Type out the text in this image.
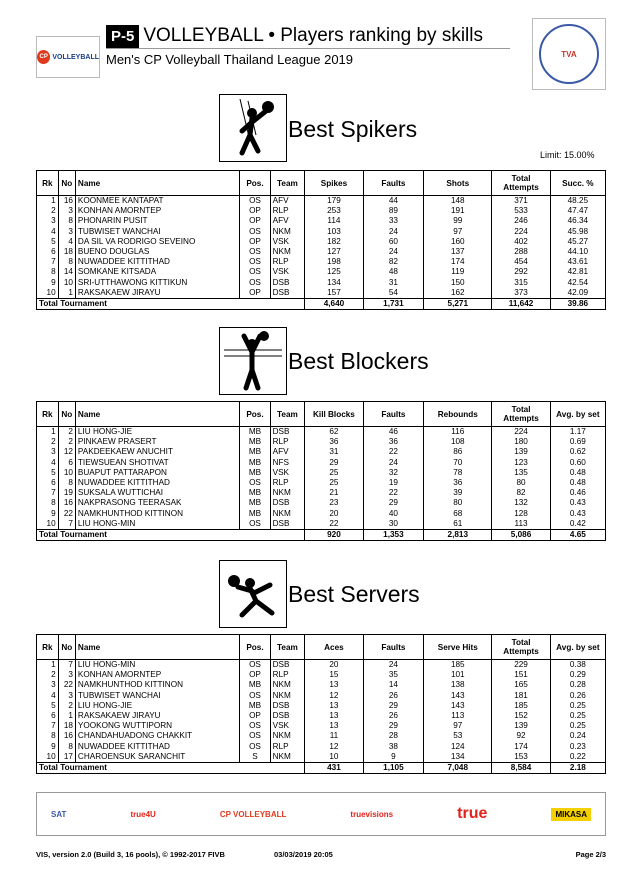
CP VOLLEYBALL
P-5 VOLLEYBALL • Players ranking by skills
Men's CP Volleyball Thailand League 2019	TVA
Best Spikers
Limit: 15.00%
Rk	No	Name	Pos.	Team	Spikes	Faults	Shots	Total Attempts	Succ. %
1	16	KOONMEE KANTAPAT	OS	AFV	179	44	148	371	48.25
2	3	KONHAN AMORNTEP	OP	RLP	253	89	191	533	47.47
3	8	PHONARIN PUSIT	OP	AFV	114	33	99	246	46.34
4	3	TUBWISET WANCHAI	OS	NKM	103	24	97	224	45.98
5	4	DA SIL VA RODRIGO SEVEINO	OP	VSK	182	60	160	402	45.27
6	18	BUENO DOUGLAS	OS	NKM	127	24	137	288	44.10
7	8	NUWADDEE KITTITHAD	OS	RLP	198	82	174	454	43.61
8	14	SOMKANE KITSADA	OS	VSK	125	48	119	292	42.81
9	10	SRI-UTTHAWONG KITTIKUN	OS	DSB	134	31	150	315	42.54
10	1	RAKSAKAEW JIRAYU	OP	DSB	157	54	162	373	42.09
Total Tournament					4,640	1,731	5,271	11,642	39.86
Best Blockers
Rk	No	Name	Pos.	Team	Kill Blocks	Faults	Rebounds	Total Attempts	Avg. by set
1	2	LIU HONG-JIE	MB	DSB	62	46	116	224	1.17
2	2	PINKAEW PRASERT	MB	RLP	36	36	108	180	0.69
3	12	PAKDEEKAEW ANUCHIT	MB	AFV	31	22	86	139	0.62
4	6	TIEWSUEAN SHOTIVAT	MB	NFS	29	24	70	123	0.60
5	10	BUAPUT PATTARAPON	MB	VSK	25	32	78	135	0.48
6	8	NUWADDEE KITTITHAD	OS	RLP	25	19	36	80	0.48
7	19	SUKSALA WUTTICHAI	MB	NKM	21	22	39	82	0.46
8	16	NAKPRASONG TEERASAK	MB	DSB	23	29	80	132	0.43
9	22	NAMKHUNTHOD KITTINON	MB	NKM	20	40	68	128	0.43
10	7	LIU HONG-MIN	OS	DSB	22	30	61	113	0.42
Total Tournament					920	1,353	2,813	5,086	4.65
Best Servers
Rk	No	Name	Pos.	Team	Aces	Faults	Serve Hits	Total Attempts	Avg. by set
1	7	LIU HONG-MIN	OS	DSB	20	24	185	229	0.38
2	3	KONHAN AMORNTEP	OP	RLP	15	35	101	151	0.29
3	22	NAMKHUNTHOD KITTINON	MB	NKM	13	14	138	165	0.28
4	3	TUBWISET WANCHAI	OS	NKM	12	26	143	181	0.26
5	2	LIU HONG-JIE	MB	DSB	13	29	143	185	0.25
6	1	RAKSAKAEW JIRAYU	OP	DSB	13	26	113	152	0.25
7	18	YOOKONG WUTTIPORN	OS	VSK	13	29	97	139	0.25
8	16	CHANDAHUADONG CHAKKIT	OS	NKM	11	28	53	92	0.24
9	8	NUWADDEE KITTITHAD	OS	RLP	12	38	124	174	0.23
10	17	CHAROENSUK SARANCHIT	S	NKM	10	9	134	153	0.22
Total Tournament					431	1,105	7,048	8,584	2.18
SAT	true4U	CP VOLLEYBALL	truevisions	true	MIKASA
VIS, version 2.0 (Build 3, 16 pools), © 1992-2017 FIVB	03/03/2019 20:05	Page 2/3
